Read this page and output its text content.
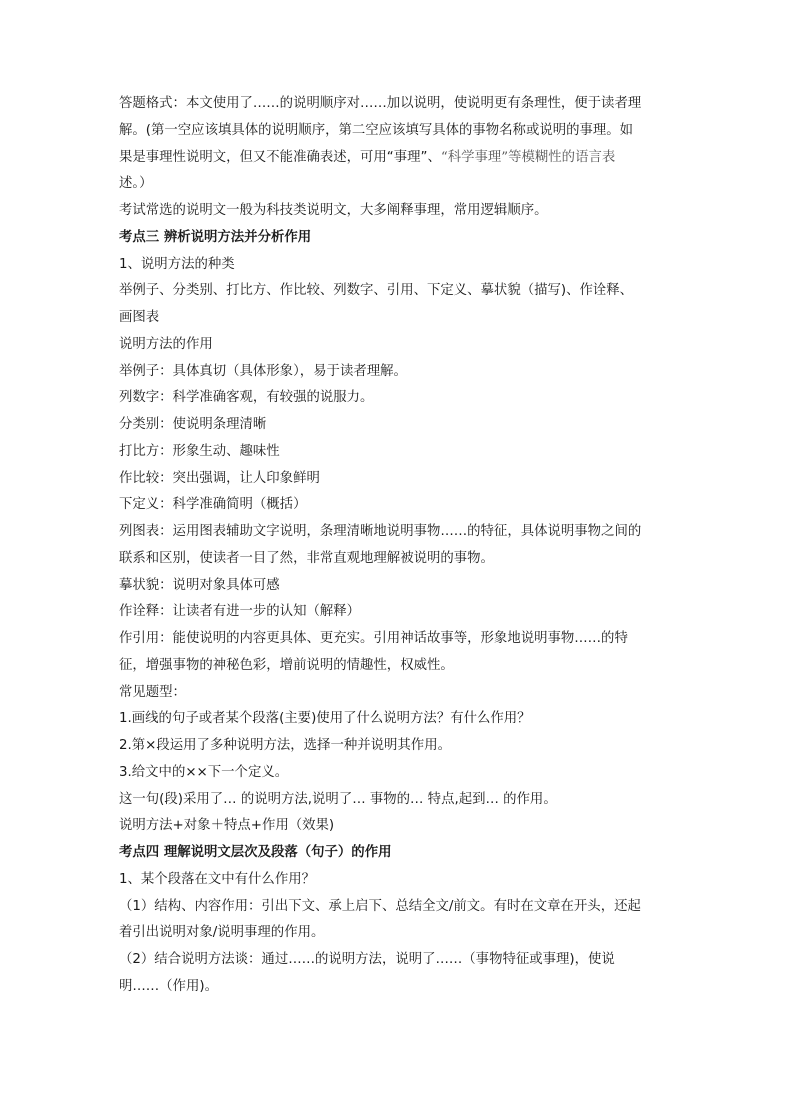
答题格式：本文使用了……的说明顺序对……加以说明，使说明更有条理性，便于读者理
解。(第一空应该填具体的说明顺序，第二空应该填写具体的事物名称或说明的事理。如
果是事理性说明文，但又不能准确表述，可用“事理”、“科学事理”等模糊性的语言表
述。）
考试常选的说明文一般为科技类说明文，大多阐释事理，常用逻辑顺序。
考点三 辨析说明方法并分析作用
1、说明方法的种类
举例子、分类别、打比方、作比较、列数字、引用、下定义、摹状貌（描写)、作诠释、
画图表
说明方法的作用
举例子：具体真切（具体形象），易于读者理解。
列数字：科学准确客观，有较强的说服力。
分类别：使说明条理清晰
打比方：形象生动、趣味性
作比较：突出强调，让人印象鲜明
下定义：科学准确简明（概括）
列图表：运用图表辅助文字说明，条理清晰地说明事物……的特征，具体说明事物之间的
联系和区别，使读者一目了然，非常直观地理解被说明的事物。
摹状貌：说明对象具体可感
作诠释：让读者有进一步的认知（解释）
作引用：能使说明的内容更具体、更充实。引用神话故事等，形象地说明事物……的特
征，增强事物的神秘色彩，增前说明的情趣性，权威性。
常见题型：
1.画线的句子或者某个段落(主要)使用了什么说明方法？有什么作用？
2.第×段运用了多种说明方法，选择一种并说明其作用。
3.给文中的××下一个定义。
这一句(段)采用了… 的说明方法,说明了… 事物的… 特点,起到… 的作用。
说明方法+对象＋特点+作用（效果)
考点四 理解说明文层次及段落（句子）的作用
1、某个段落在文中有什么作用？
（1）结构、内容作用：引出下文、承上启下、总结全文/前文。有时在文章在开头，还起
着引出说明对象/说明事理的作用。
（2）结合说明方法谈：通过……的说明方法，说明了……（事物特征或事理)，使说
明……（作用)。
